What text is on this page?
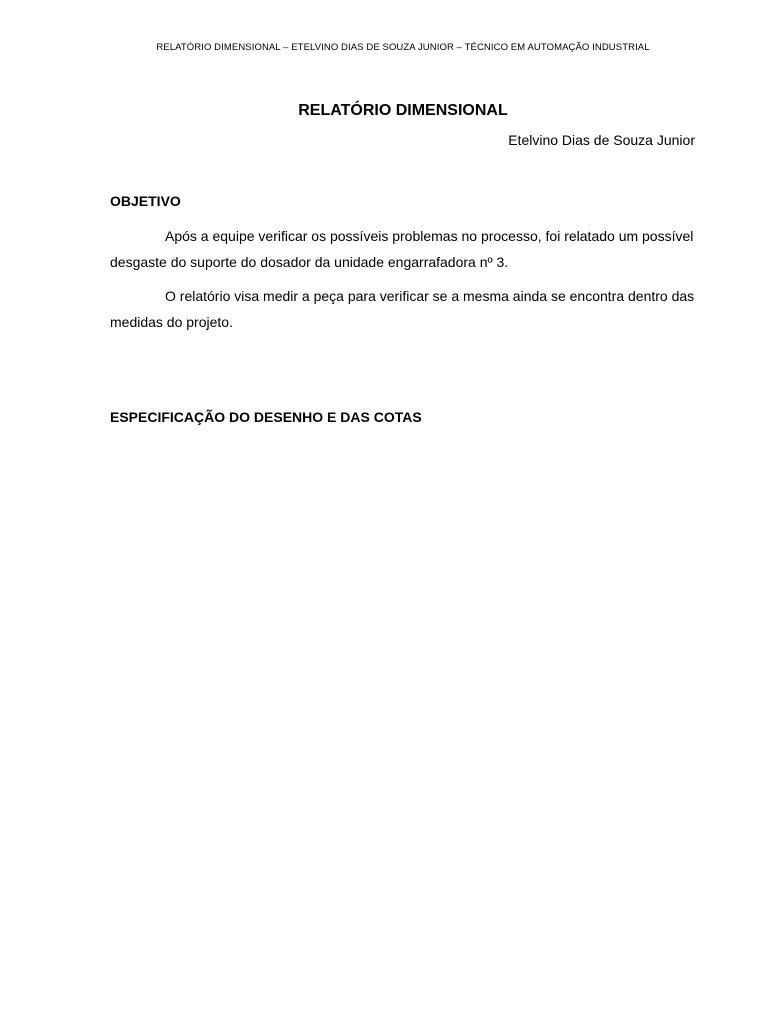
RELATÓRIO DIMENSIONAL – ETELVINO DIAS DE SOUZA JUNIOR – TÉCNICO EM AUTOMAÇÃO INDUSTRIAL
RELATÓRIO DIMENSIONAL
Etelvino Dias de Souza Junior
OBJETIVO

Após a equipe verificar os possíveis problemas no processo, foi relatado um possível desgaste do suporte do dosador da unidade engarrafadora nº 3.

O relatório visa medir a peça para verificar se a mesma ainda se encontra dentro das medidas do projeto.

ESPECIFICAÇÃO DO DESENHO E DAS COTAS
